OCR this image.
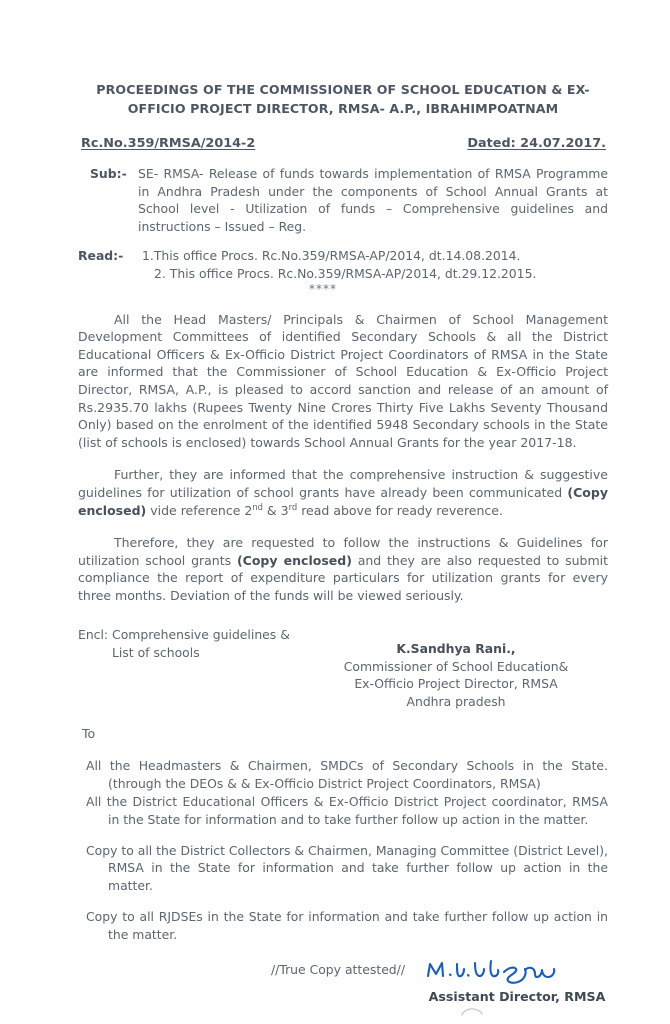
PROCEEDINGS OF THE COMMISSIONER OF SCHOOL EDUCATION & EX-
OFFICIO PROJECT DIRECTOR, RMSA- A.P., IBRAHIMPOATNAM
Rc.No.359/RMSA/2014-2	Dated: 24.07.2017.
Sub:- SE- RMSA- Release of funds towards implementation of RMSA Programme in Andhra Pradesh under the components of School Annual Grants at School level - Utilization of funds – Comprehensive guidelines and instructions – Issued – Reg.
Read:-	1.This office Procs. Rc.No.359/RMSA-AP/2014, dt.14.08.2014.
2. This office Procs. Rc.No.359/RMSA-AP/2014, dt.29.12.2015.
****

All the Head Masters/ Principals & Chairmen of School Management Development Committees of identified Secondary Schools & all the District Educational Officers & Ex-Officio District Project Coordinators of RMSA in the State are informed that the Commissioner of School Education & Ex-Officio Project Director, RMSA, A.P., is pleased to accord sanction and release of an amount of Rs.2935.70 lakhs (Rupees Twenty Nine Crores Thirty Five Lakhs Seventy Thousand Only) based on the enrolment of the identified 5948 Secondary schools in the State (list of schools is enclosed) towards School Annual Grants for the year 2017-18.

Further, they are informed that the comprehensive instruction & suggestive guidelines for utilization of school grants have already been communicated (Copy enclosed) vide reference 2nd & 3rd read above for ready reverence.

Therefore, they are requested to follow the instructions & Guidelines for utilization school grants (Copy enclosed) and they are also requested to submit compliance the report of expenditure particulars for utilization grants for every three months. Deviation of the funds will be viewed seriously.

Encl: Comprehensive guidelines &
List of schools	K.Sandhya Rani.,
Commissioner of School Education&
Ex-Officio Project Director, RMSA
Andhra pradesh
To
All the Headmasters & Chairmen, SMDCs of Secondary Schools in the State. (through the DEOs & & Ex-Officio District Project Coordinators, RMSA)
All the District Educational Officers & Ex-Officio District Project coordinator, RMSA in the State for information and to take further follow up action in the matter.
Copy to all the District Collectors & Chairmen, Managing Committee (District Level), RMSA in the State for information and take further follow up action in the matter.
Copy to all RJDSEs in the State for information and take further follow up action in the matter.
//True Copy attested//
Assistant Director, RMSA
